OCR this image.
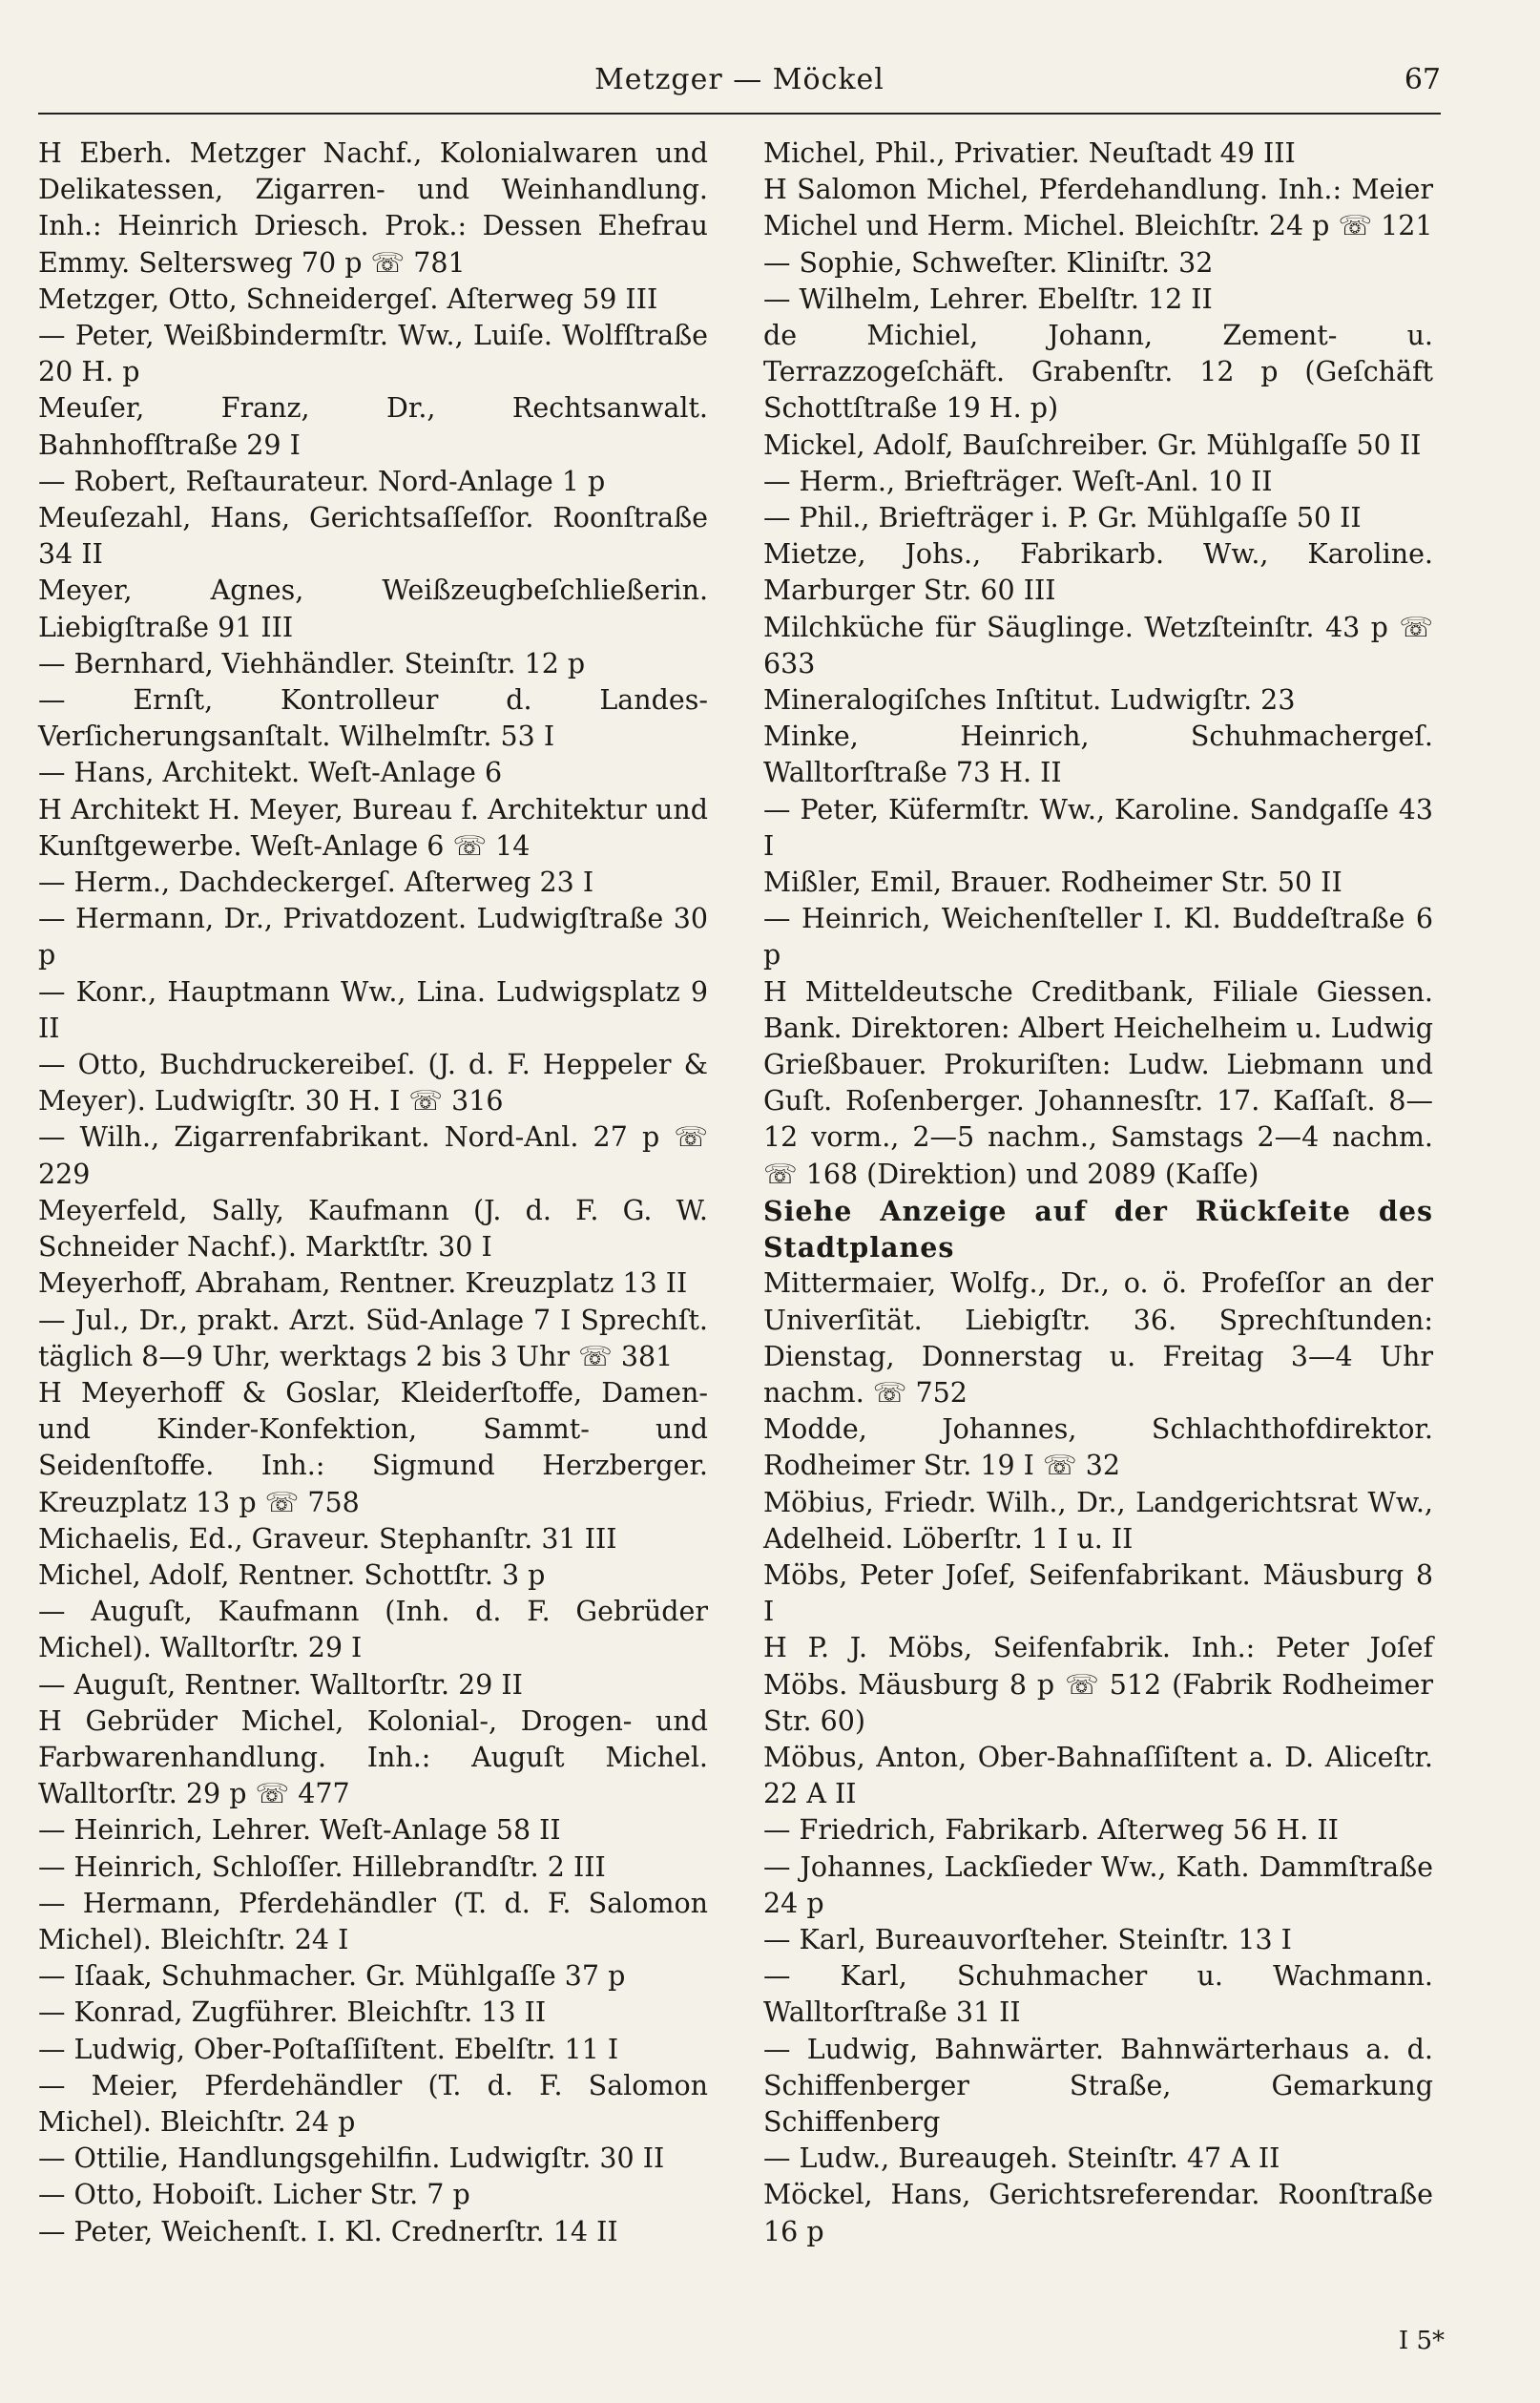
Metzger — Möckel	67

H Eberh. Metzger Nachf., Kolonialwaren und Delikatessen, Zigarren- und Weinhandlung. Inh.: Heinrich Driesch. Prok.: Dessen Ehefrau Emmy. Seltersweg 70 p ☏ 781

Metzger, Otto, Schneidergeſ. Aſterweg 59 III

— Peter, Weißbindermſtr. Ww., Luiſe. Wolfſtraße 20 H. p

Meuſer, Franz, Dr., Rechtsanwalt. Bahnhofſtraße 29 I

— Robert, Reſtaurateur. Nord-Anlage 1 p

Meuſezahl, Hans, Gerichtsaſſeſſor. Roonſtraße 34 II

Meyer, Agnes, Weißzeugbeſchließerin. Liebigſtraße 91 III

— Bernhard, Viehhändler. Steinſtr. 12 p

— Ernſt, Kontrolleur d. Landes-Verſicherungsanſtalt. Wilhelmſtr. 53 I

— Hans, Architekt. Weſt-Anlage 6

H Architekt H. Meyer, Bureau f. Architektur und Kunſtgewerbe. Weſt-Anlage 6 ☏ 14

— Herm., Dachdeckergeſ. Aſterweg 23 I

— Hermann, Dr., Privatdozent. Ludwigſtraße 30 p

— Konr., Hauptmann Ww., Lina. Ludwigsplatz 9 II

— Otto, Buchdruckereibeſ. (J. d. F. Heppeler & Meyer). Ludwigſtr. 30 H. I ☏ 316

— Wilh., Zigarrenfabrikant. Nord-Anl. 27 p ☏ 229

Meyerfeld, Sally, Kaufmann (J. d. F. G. W. Schneider Nachf.). Marktſtr. 30 I

Meyerhoff, Abraham, Rentner. Kreuzplatz 13 II

— Jul., Dr., prakt. Arzt. Süd-Anlage 7 I Sprechſt. täglich 8—9 Uhr, werktags 2 bis 3 Uhr ☏ 381

H Meyerhoff & Goslar, Kleiderſtoffe, Damen- und Kinder-Konfektion, Sammt- und Seidenſtoffe. Inh.: Sigmund Herzberger. Kreuzplatz 13 p ☏ 758

Michaelis, Ed., Graveur. Stephanſtr. 31 III

Michel, Adolf, Rentner. Schottſtr. 3 p

— Auguſt, Kaufmann (Inh. d. F. Gebrüder Michel). Walltorſtr. 29 I

— Auguſt, Rentner. Walltorſtr. 29 II

H Gebrüder Michel, Kolonial-, Drogen- und Farbwarenhandlung. Inh.: Auguſt Michel. Walltorſtr. 29 p ☏ 477

— Heinrich, Lehrer. Weſt-Anlage 58 II

— Heinrich, Schloſſer. Hillebrandſtr. 2 III

— Hermann, Pferdehändler (T. d. F. Salomon Michel). Bleichſtr. 24 I

— Iſaak, Schuhmacher. Gr. Mühlgaſſe 37 p

— Konrad, Zugführer. Bleichſtr. 13 II

— Ludwig, Ober-Poſtaſſiſtent. Ebelſtr. 11 I

— Meier, Pferdehändler (T. d. F. Salomon Michel). Bleichſtr. 24 p

— Ottilie, Handlungsgehilfin. Ludwigſtr. 30 II

— Otto, Hoboiſt. Licher Str. 7 p

— Peter, Weichenſt. I. Kl. Crednerſtr. 14 II

Michel, Phil., Privatier. Neuſtadt 49 III

H Salomon Michel, Pferdehandlung. Inh.: Meier Michel und Herm. Michel. Bleichſtr. 24 p ☏ 121

— Sophie, Schweſter. Kliniſtr. 32

— Wilhelm, Lehrer. Ebelſtr. 12 II

de Michiel, Johann, Zement- u. Terrazzogeſchäft. Grabenſtr. 12 p (Geſchäft Schottſtraße 19 H. p)

Mickel, Adolf, Bauſchreiber. Gr. Mühlgaſſe 50 II

— Herm., Briefträger. Weſt-Anl. 10 II

— Phil., Briefträger i. P. Gr. Mühlgaſſe 50 II

Mietze, Johs., Fabrikarb. Ww., Karoline. Marburger Str. 60 III

Milchküche für Säuglinge. Wetzſteinſtr. 43 p ☏ 633

Mineralogiſches Inſtitut. Ludwigſtr. 23

Minke, Heinrich, Schuhmachergeſ. Walltorſtraße 73 H. II

— Peter, Küfermſtr. Ww., Karoline. Sandgaſſe 43 I

Mißler, Emil, Brauer. Rodheimer Str. 50 II

— Heinrich, Weichenſteller I. Kl. Buddeſtraße 6 p

H Mitteldeutsche Creditbank, Filiale Giessen. Bank. Direktoren: Albert Heichelheim u. Ludwig Grießbauer. Prokuriſten: Ludw. Liebmann und Guſt. Roſenberger. Johannesſtr. 17. Kaſſaſt. 8—12 vorm., 2—5 nachm., Samstags 2—4 nachm. ☏ 168 (Direktion) und 2089 (Kaſſe)

Siehe Anzeige auf der Rückſeite des Stadtplanes

Mittermaier, Wolfg., Dr., o. ö. Profeſſor an der Univerſität. Liebigſtr. 36. Sprechſtunden: Dienstag, Donnerstag u. Freitag 3—4 Uhr nachm. ☏ 752

Modde, Johannes, Schlachthofdirektor. Rodheimer Str. 19 I ☏ 32

Möbius, Friedr. Wilh., Dr., Landgerichtsrat Ww., Adelheid. Löberſtr. 1 I u. II

Möbs, Peter Joſef, Seifenfabrikant. Mäusburg 8 I

H P. J. Möbs, Seifenfabrik. Inh.: Peter Joſef Möbs. Mäusburg 8 p ☏ 512 (Fabrik Rodheimer Str. 60)

Möbus, Anton, Ober-Bahnaſſiſtent a. D. Aliceſtr. 22 A II

— Friedrich, Fabrikarb. Aſterweg 56 H. II

— Johannes, Lackſieder Ww., Kath. Dammſtraße 24 p

— Karl, Bureauvorſteher. Steinſtr. 13 I

— Karl, Schuhmacher u. Wachmann. Walltorſtraße 31 II

— Ludwig, Bahnwärter. Bahnwärterhaus a. d. Schiffenberger Straße, Gemarkung Schiffenberg

— Ludw., Bureaugeh. Steinſtr. 47 A II

Möckel, Hans, Gerichtsreferendar. Roonſtraße 16 p

I 5*
